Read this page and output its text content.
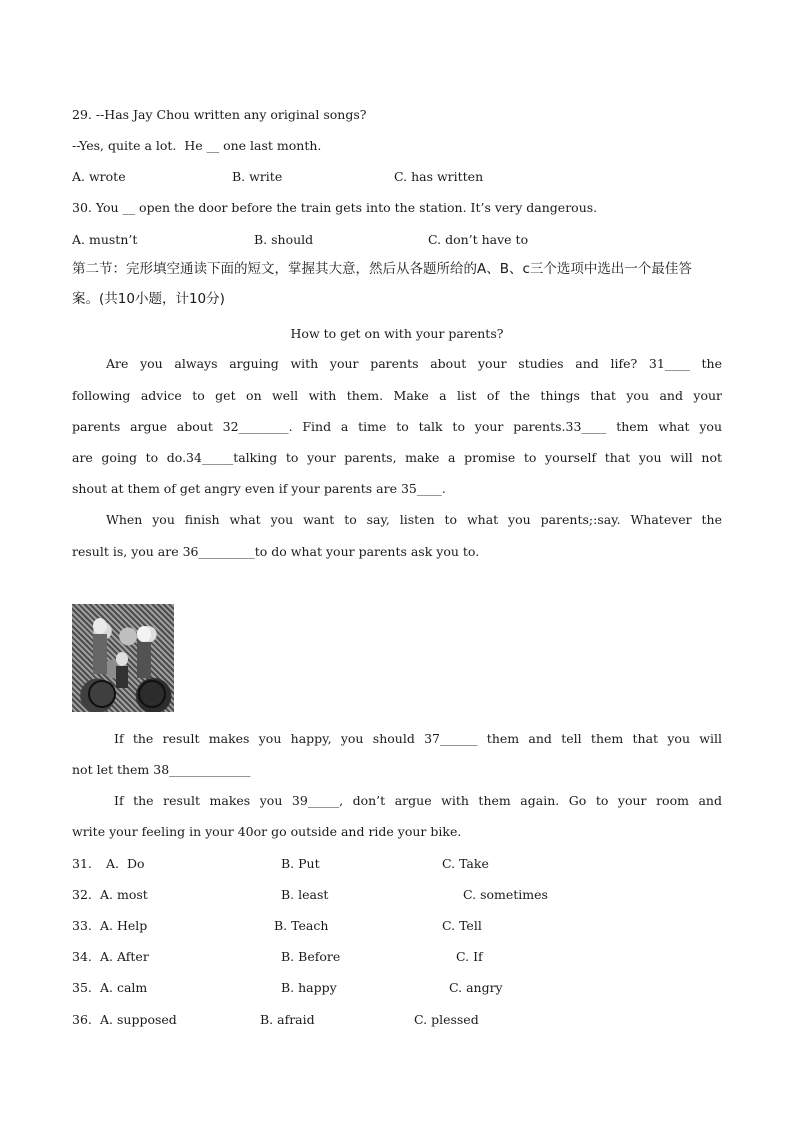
29. --Has Jay Chou written any original songs?
--Yes, quite a lot.  He __ one last month.
A. wrote	B. write	C. has written
30. You __ open the door before the train gets into the station. It’s very dangerous.
A. mustn’t	B. should	C. don’t have to
第二节：完形填空通读下面的短文，掌握其大意，然后从各题所给的A、B、c三个选项中选出一个最佳答
案。(共10小题，计10分)
How to get on with your parents?
Are you always arguing with your parents about your studies and life? 31____ the
following advice to get on well with them. Make a list of the things that you and your
parents argue about 32________. Find a time to talk to your parents.33____ them what you
are going to do.34_____talking to your parents, make a promise to yourself that you will not
shout at them of get angry even if your parents are 35____.
When you finish what you want to say, listen to what you parents;:say. Whatever the
result is, you are 36_________to do what your parents ask you to.
If the result makes you happy, you should 37______ them and tell them that you will
not let them 38_____________
If the result makes you 39_____, don’t argue with them again. Go to your room and
write your feeling in your 40or go outside and ride your bike.
31. A.  Do	B. Put	C. Take
32. A. most	B. least	C. sometimes
33. A. Help	B. Teach	C. Tell
34. A. After	B. Before	C. If
35. A. calm	B. happy	C. angry
36. A. supposed	B. afraid	C. plessed
